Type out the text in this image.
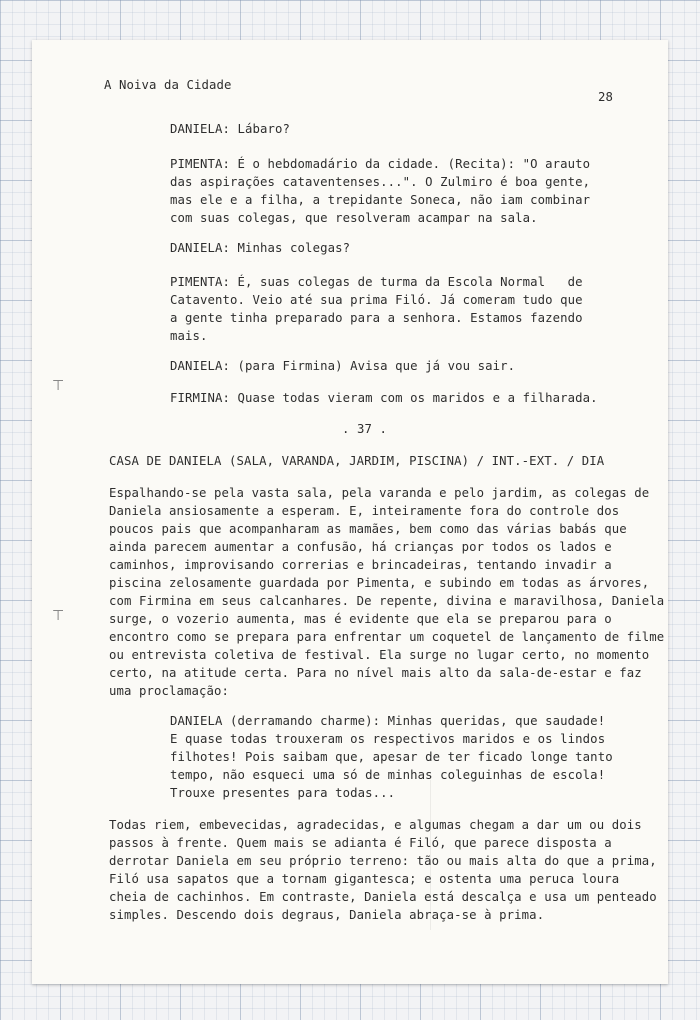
A Noiva da Cidade
28
DANIELA: Lábaro?
PIMENTA: É o hebdomadário da cidade. (Recita): "O arauto
das aspirações cataventenses...". O Zulmiro é boa gente,
mas ele e a filha, a trepidante Soneca, não iam combinar
com suas colegas, que resolveram acampar na sala.
DANIELA: Minhas colegas?
PIMENTA: É, suas colegas de turma da Escola Normal   de
Catavento. Veio até sua prima Filó. Já comeram tudo que
a gente tinha preparado para a senhora. Estamos fazendo
mais.
DANIELA: (para Firmina) Avisa que já vou sair.
FIRMINA: Quase todas vieram com os maridos e a filharada.
. 37 .
CASA DE DANIELA (SALA, VARANDA, JARDIM, PISCINA) / INT.-EXT. / DIA
Espalhando-se pela vasta sala, pela varanda e pelo jardim, as colegas de
Daniela ansiosamente a esperam. E, inteiramente fora do controle dos
poucos pais que acompanharam as mamães, bem como das várias babás que
ainda parecem aumentar a confusão, há crianças por todos os lados e
caminhos, improvisando correrias e brincadeiras, tentando invadir a
piscina zelosamente guardada por Pimenta, e subindo em todas as árvores,
com Firmina em seus calcanhares. De repente, divina e maravilhosa, Daniela
surge, o vozerio aumenta, mas é evidente que ela se preparou para o
encontro como se prepara para enfrentar um coquetel de lançamento de filme
ou entrevista coletiva de festival. Ela surge no lugar certo, no momento
certo, na atitude certa. Para no nível mais alto da sala-de-estar e faz
uma proclamação:
DANIELA (derramando charme): Minhas queridas, que saudade!
E quase todas trouxeram os respectivos maridos e os lindos
filhotes! Pois saibam que, apesar de ter ficado longe tanto
tempo, não esqueci uma só de minhas coleguinhas de escola!
Trouxe presentes para todas...
Todas riem, embevecidas, agradecidas, e algumas chegam a dar um ou dois
passos à frente. Quem mais se adianta é Filó, que parece disposta a
derrotar Daniela em seu próprio terreno: tão ou mais alta do que a prima,
Filó usa sapatos que a tornam gigantesca; e ostenta uma peruca loura
cheia de cachinhos. Em contraste, Daniela está descalça e usa um penteado
simples. Descendo dois degraus, Daniela abraça-se à prima.
⊤
⊤
